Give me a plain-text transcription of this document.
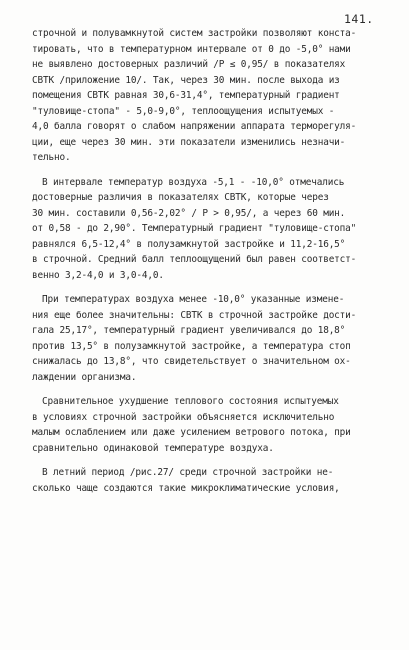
141.
строчной и полувамкнутой систем застройки позволяют конста-
тировать, что в температурном интервале от 0 до -5,0° нами
не выявлено достоверных различий /P ≤ 0,95/ в показателях
СВТК /приложение 10/. Так, через 30 мин. после выхода из
помещения СВТК равная 30,6-31,4°, температурный градиент
"туловище-стопа" - 5,0-9,0°, теплоощущения испытуемых -
4,0 балла говорят о слабом напряжении аппарата терморегуля-
ции, еще через 30 мин. эти показатели изменились незначи-
тельно.
В интервале температур воздуха -5,1 - -10,0° отмечались
достоверные различия в показателях СВТК, которые через
30 мин. составили 0,56-2,02° / P > 0,95/, а через 60 мин.
от 0,58 - до 2,90°. Температурный градиент "туловище-стопа"
равнялся 6,5-12,4° в полузамкнутой застройке и 11,2-16,5°
в строчной. Средний балл теплоощущений был равен соответст-
венно 3,2-4,0 и 3,0-4,0.
При температурах воздуха менее -10,0° указанные измене-
ния еще более значительны: СВТК в строчной застройке дости-
гала 25,17°, температурный градиент увеличивался до 18,8°
против 13,5° в полузамкнутой застройке, а температура стоп
снижалась до 13,8°, что свидетельствует о значительном ох-
лаждении организма.
Сравнительное ухудшение теплового состояния испытуемых
в условиях строчной застройки объясняется исключительно
малым ослаблением или даже усилением ветрового потока, при
сравнительно одинаковой температуре воздуха.
В летний период /рис.27/ среди строчной застройки не-
сколько чаще создаются такие микроклиматические условия,
